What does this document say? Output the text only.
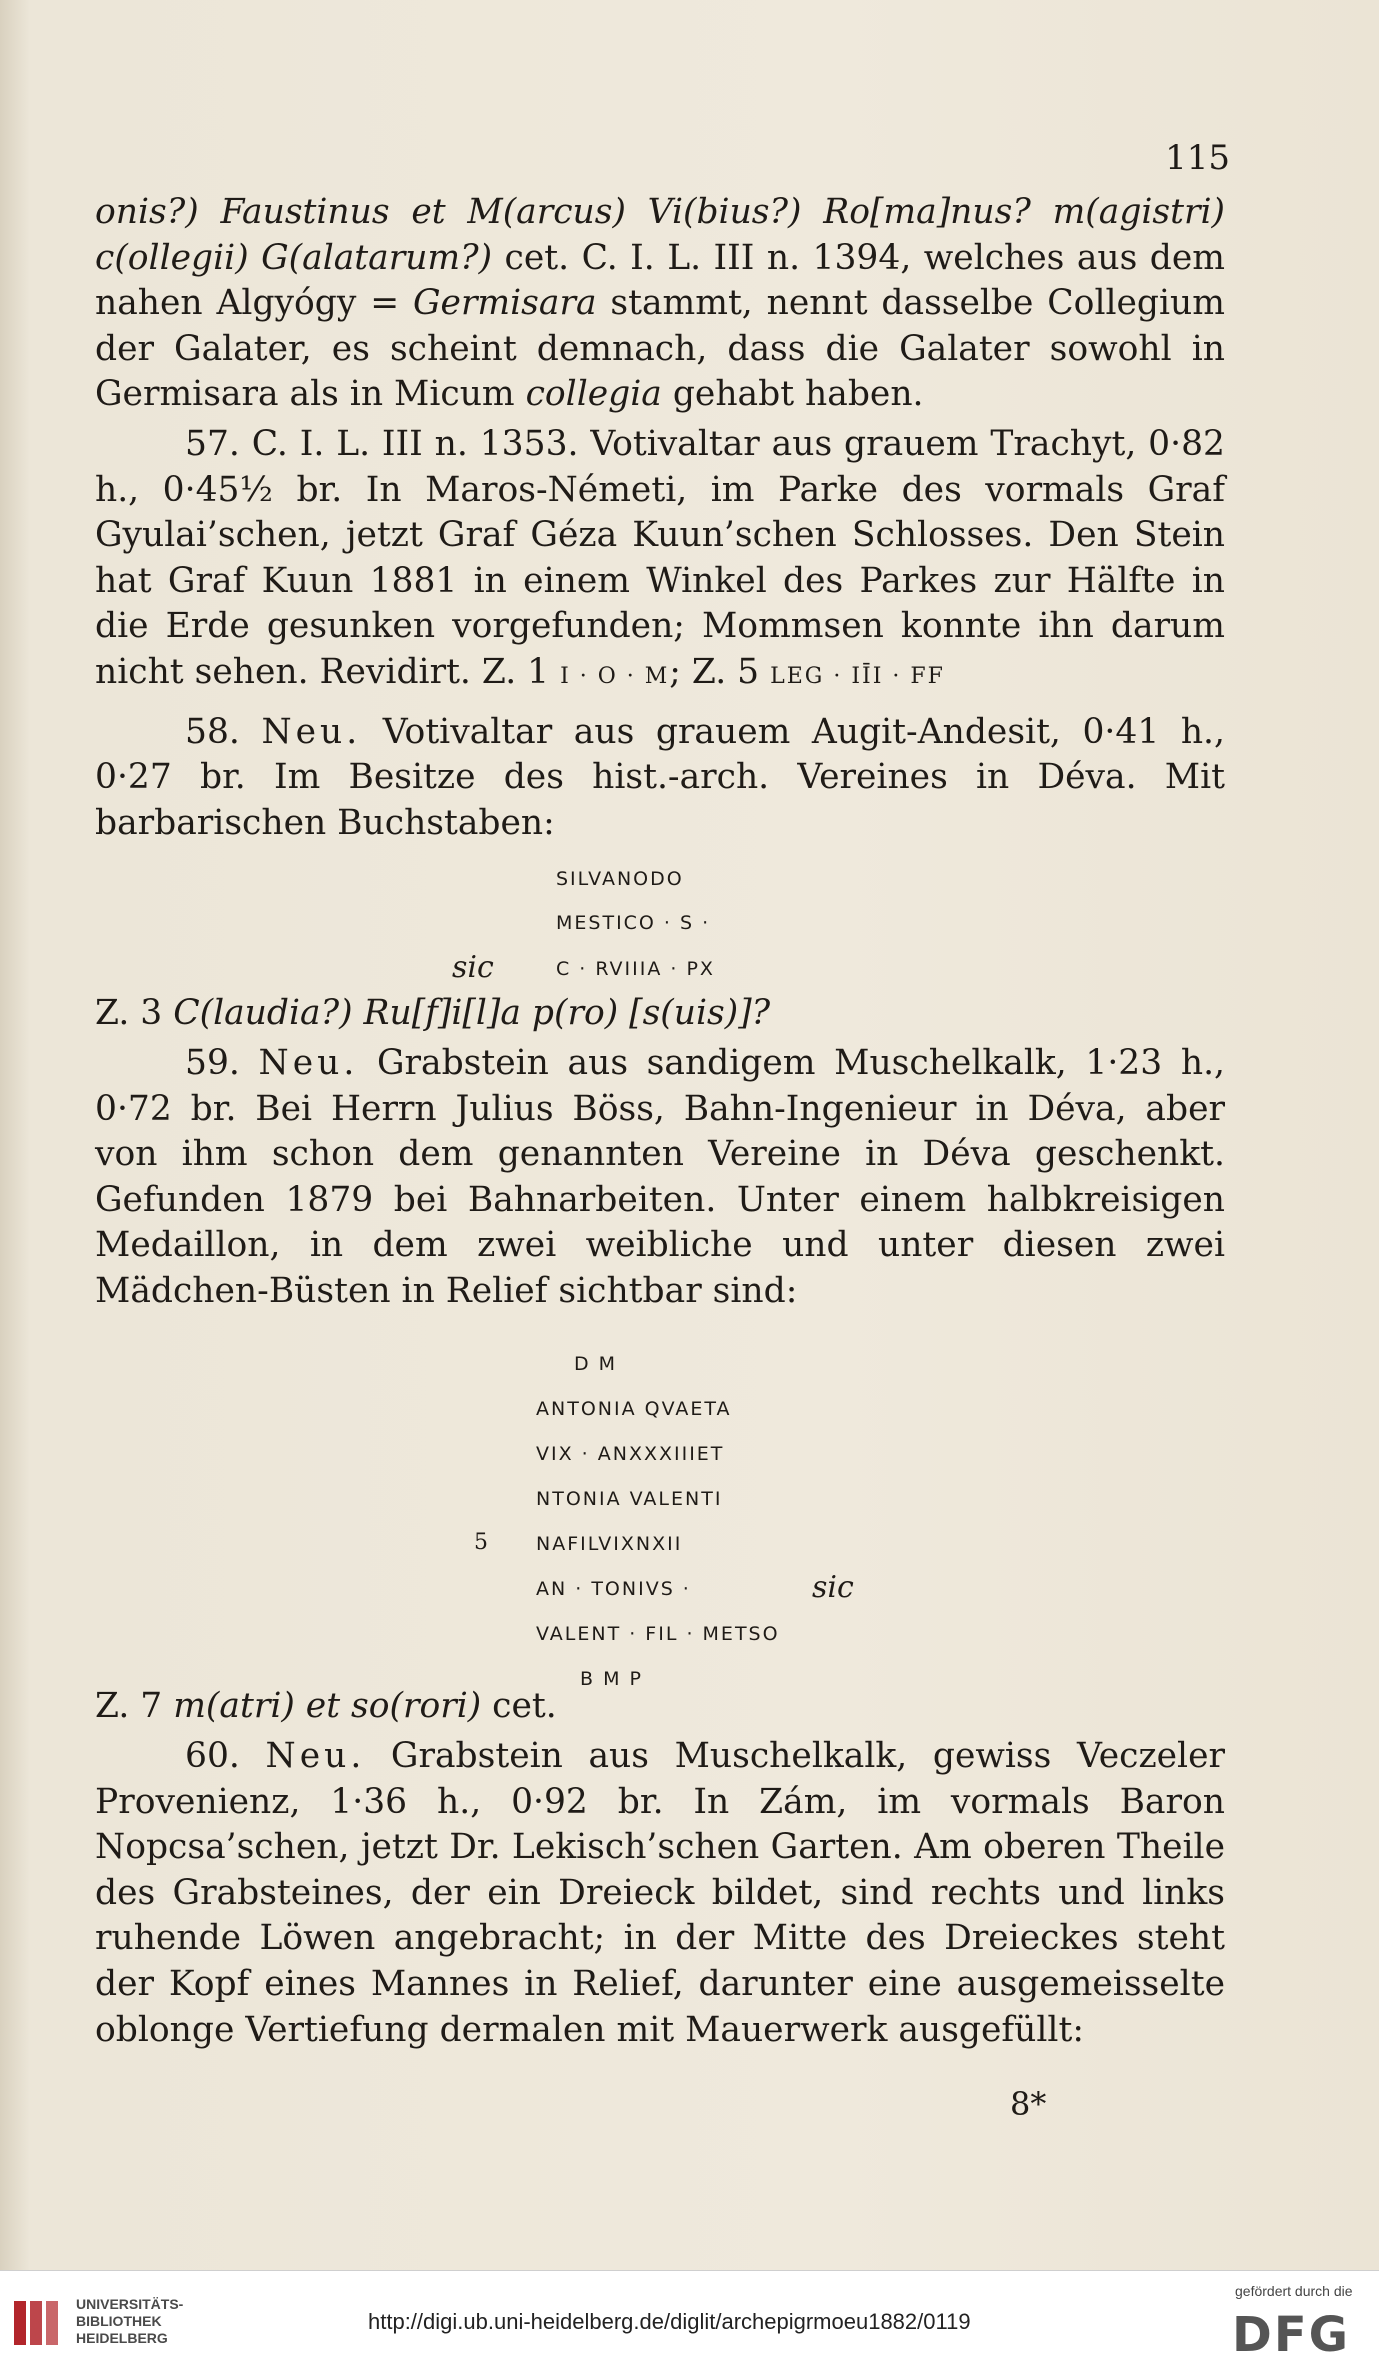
115

onis?) Faustinus et M(arcus) Vi(bius?) Ro[ma]nus? m(agistri) c(ollegii) G(alatarum?) cet. C. I. L. III n. 1394, welches aus dem nahen Algyógy = Germisara stammt, nennt dasselbe Collegium der Galater, es scheint demnach, dass die Galater sowohl in Germisara als in Micum collegia gehabt haben.

57. C. I. L. III n. 1353. Votivaltar aus grauem Trachyt, 0·82 h., 0·45½ br. In Maros-Németi, im Parke des vormals Graf Gyulai’schen, jetzt Graf Géza Kuun’schen Schlosses. Den Stein hat Graf Kuun 1881 in einem Winkel des Parkes zur Hälfte in die Erde gesunken vorgefunden; Mommsen konnte ihn darum nicht sehen. Revidirt. Z. 1 I · O · M; Z. 5 LEG · IĪI · FF

58. Neu. Votivaltar aus grauem Augit-Andesit, 0·41 h., 0·27 br. Im Besitze des hist.-arch. Vereines in Déva. Mit barbarischen Buchstaben:

Z. 3 C(laudia?) Ru[f]i[l]a p(ro) [s(uis)]?

59. Neu. Grabstein aus sandigem Muschelkalk, 1·23 h., 0·72 br. Bei Herrn Julius Böss, Bahn-Ingenieur in Déva, aber von ihm schon dem genannten Vereine in Déva geschenkt. Gefunden 1879 bei Bahnarbeiten. Unter einem halbkreisigen Medaillon, in dem zwei weibliche und unter diesen zwei Mädchen-Büsten in Relief sichtbar sind:

Z. 7 m(atri) et so(rori) cet.

60. Neu. Grabstein aus Muschelkalk, gewiss Veczeler Provenienz, 1·36 h., 0·92 br. In Zám, im vormals Baron Nopcsa’schen, jetzt Dr. Lekisch’schen Garten. Am oberen Theile des Grabsteines, der ein Dreieck bildet, sind rechts und links ruhende Löwen angebracht; in der Mitte des Dreieckes steht der Kopf eines Mannes in Relief, darunter eine ausgemeisselte oblonge Vertiefung dermalen mit Mauerwerk ausgefüllt:

SILVANODO
MESTICO · S ·
C · RVIIIA · PX
sic
D M
ANTONIA QVAETA
VIX · ANXXXIIIET
NTONIA VALENTI
NAFILVIXNXII
AN · TONIVS ·
VALENT · FIL · METSO
B M P
5
sic
8*
UNIVERSITÄTS-
BIBLIOTHEK
HEIDELBERG
http://digi.ub.uni-heidelberg.de/diglit/archepigrmoeu1882/0119
gefördert durch die
DFG
